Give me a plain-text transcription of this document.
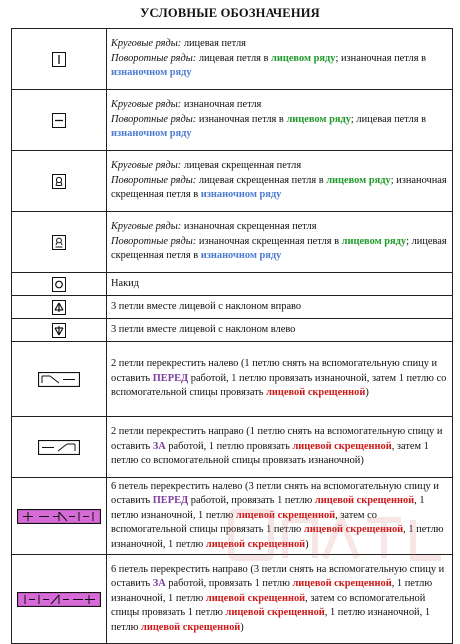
УСЛОВНЫЕ ОБОЗНАЧЕНИЯ
	Круговые ряды: лицевая петля
Поворотные ряды: лицевая петля в лицевом ряду; изнаночная петля в изнаночном ряду

	Круговые ряды: изнаночная петля
Поворотные ряды: изнаночная петля в лицевом ряду; лицевая петля в изнаночном ряду

	Круговые ряды: лицевая скрещенная петля
Поворотные ряды: лицевая скрещенная петля в лицевом ряду; изнаночная скрещенная петля в изнаночном ряду

	Круговые ряды: изнаночная скрещенная петля
Поворотные ряды: изнаночная скрещенная петля в лицевом ряду; лицевая скрещенная петля в изнаночном ряду

	Накид

	3 петли вместе лицевой с наклоном вправо

	3 петли вместе лицевой с наклоном влево

	2 петли перекрестить налево (1 петлю снять на вспомогательную спицу и оставить ПЕРЕД работой, 1 петлю провязать изнаночной, затем 1 петлю со вспомогательной спицы провязать лицевой скрещенной)

	2 петли перекрестить направо (1 петлю снять на вспомогательную спицу и оставить ЗА работой, 1 петлю провязать лицевой скрещенной, затем 1 петлю со вспомогательной спицы провязать изнаночной)

	6 петель перекрестить налево (3 петли снять на вспомогательную спицу и оставить ПЕРЕД работой, провязать 1 петлю лицевой скрещенной, 1 петлю изнаночной, 1 петлю лицевой скрещенной, затем со вспомогательной спицы провязать 1 петлю лицевой скрещенной, 1 петлю изнаночной, 1 петлю лицевой скрещенной)

	6 петель перекрестить направо (3 петли снять на вспомогательную спицу и оставить ЗА работой, провязать 1 петлю лицевой скрещенной, 1 петлю изнаночной, 1 петлю лицевой скрещенной, затем со вспомогательной спицы провязать 1 петлю лицевой скрещенной, 1 петлю изнаночной, 1 петлю лицевой скрещенной)
